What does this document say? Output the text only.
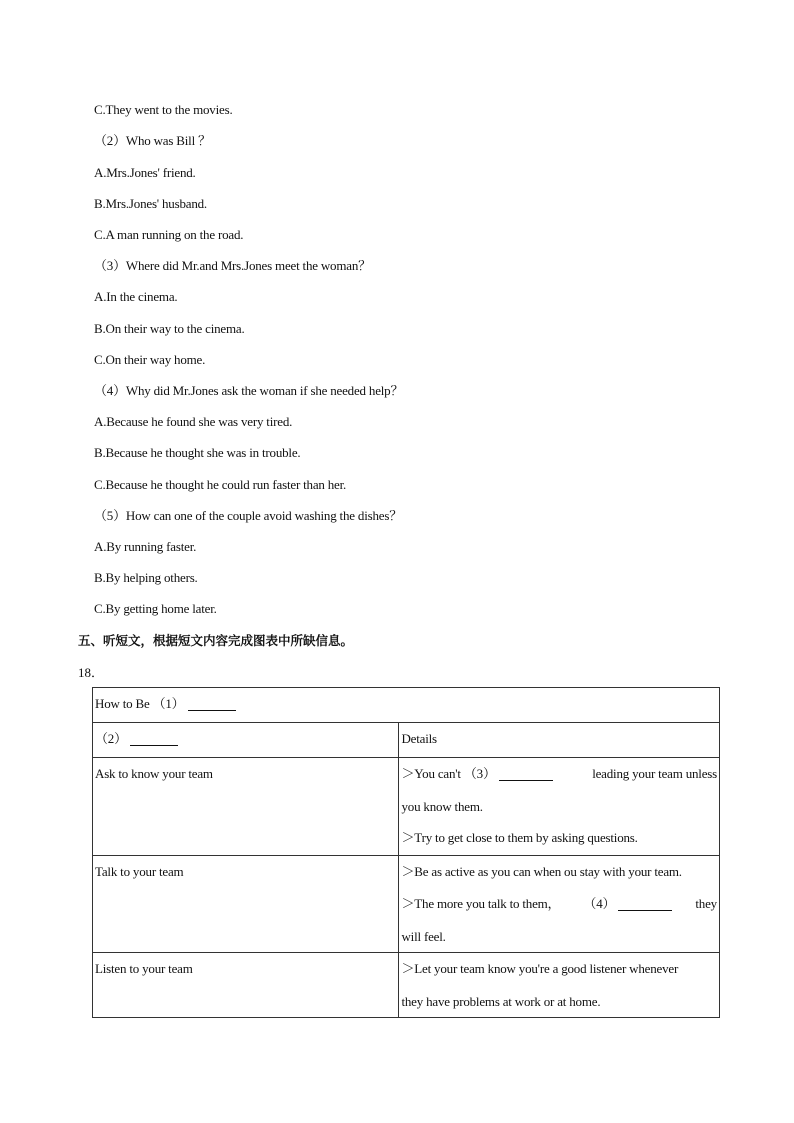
C.They went to the movies.
（2）Who was Bill ？
A.Mrs.Jones' friend.
B.Mrs.Jones' husband.
C.A man running on the road.
（3）Where did Mr.and Mrs.Jones meet the woman？
A.In the cinema.
B.On their way to the cinema.
C.On their way home.
（4）Why did Mr.Jones ask the woman if she needed help？
A.Because he found she was very tired.
B.Because he thought she was in trouble.
C.Because he thought he could run faster than her.
（5）How can one of the couple avoid washing the dishes？
A.By running faster.
B.By helping others.
C.By getting home later.
五、听短文，根据短文内容完成图表中所缺信息。
18．
How to Be （1）	
（2）	Details

Ask to know your team	＞You can't （3） leading your team unless
you know them.
＞Try to get close to them by asking questions.

Talk to your team	＞Be as active as you can when ou stay with your team.
＞The more you talk to them， （4） they
will feel.

Listen to your team	＞Let your team know you're a good listener whenever
they have problems at work or at home.
